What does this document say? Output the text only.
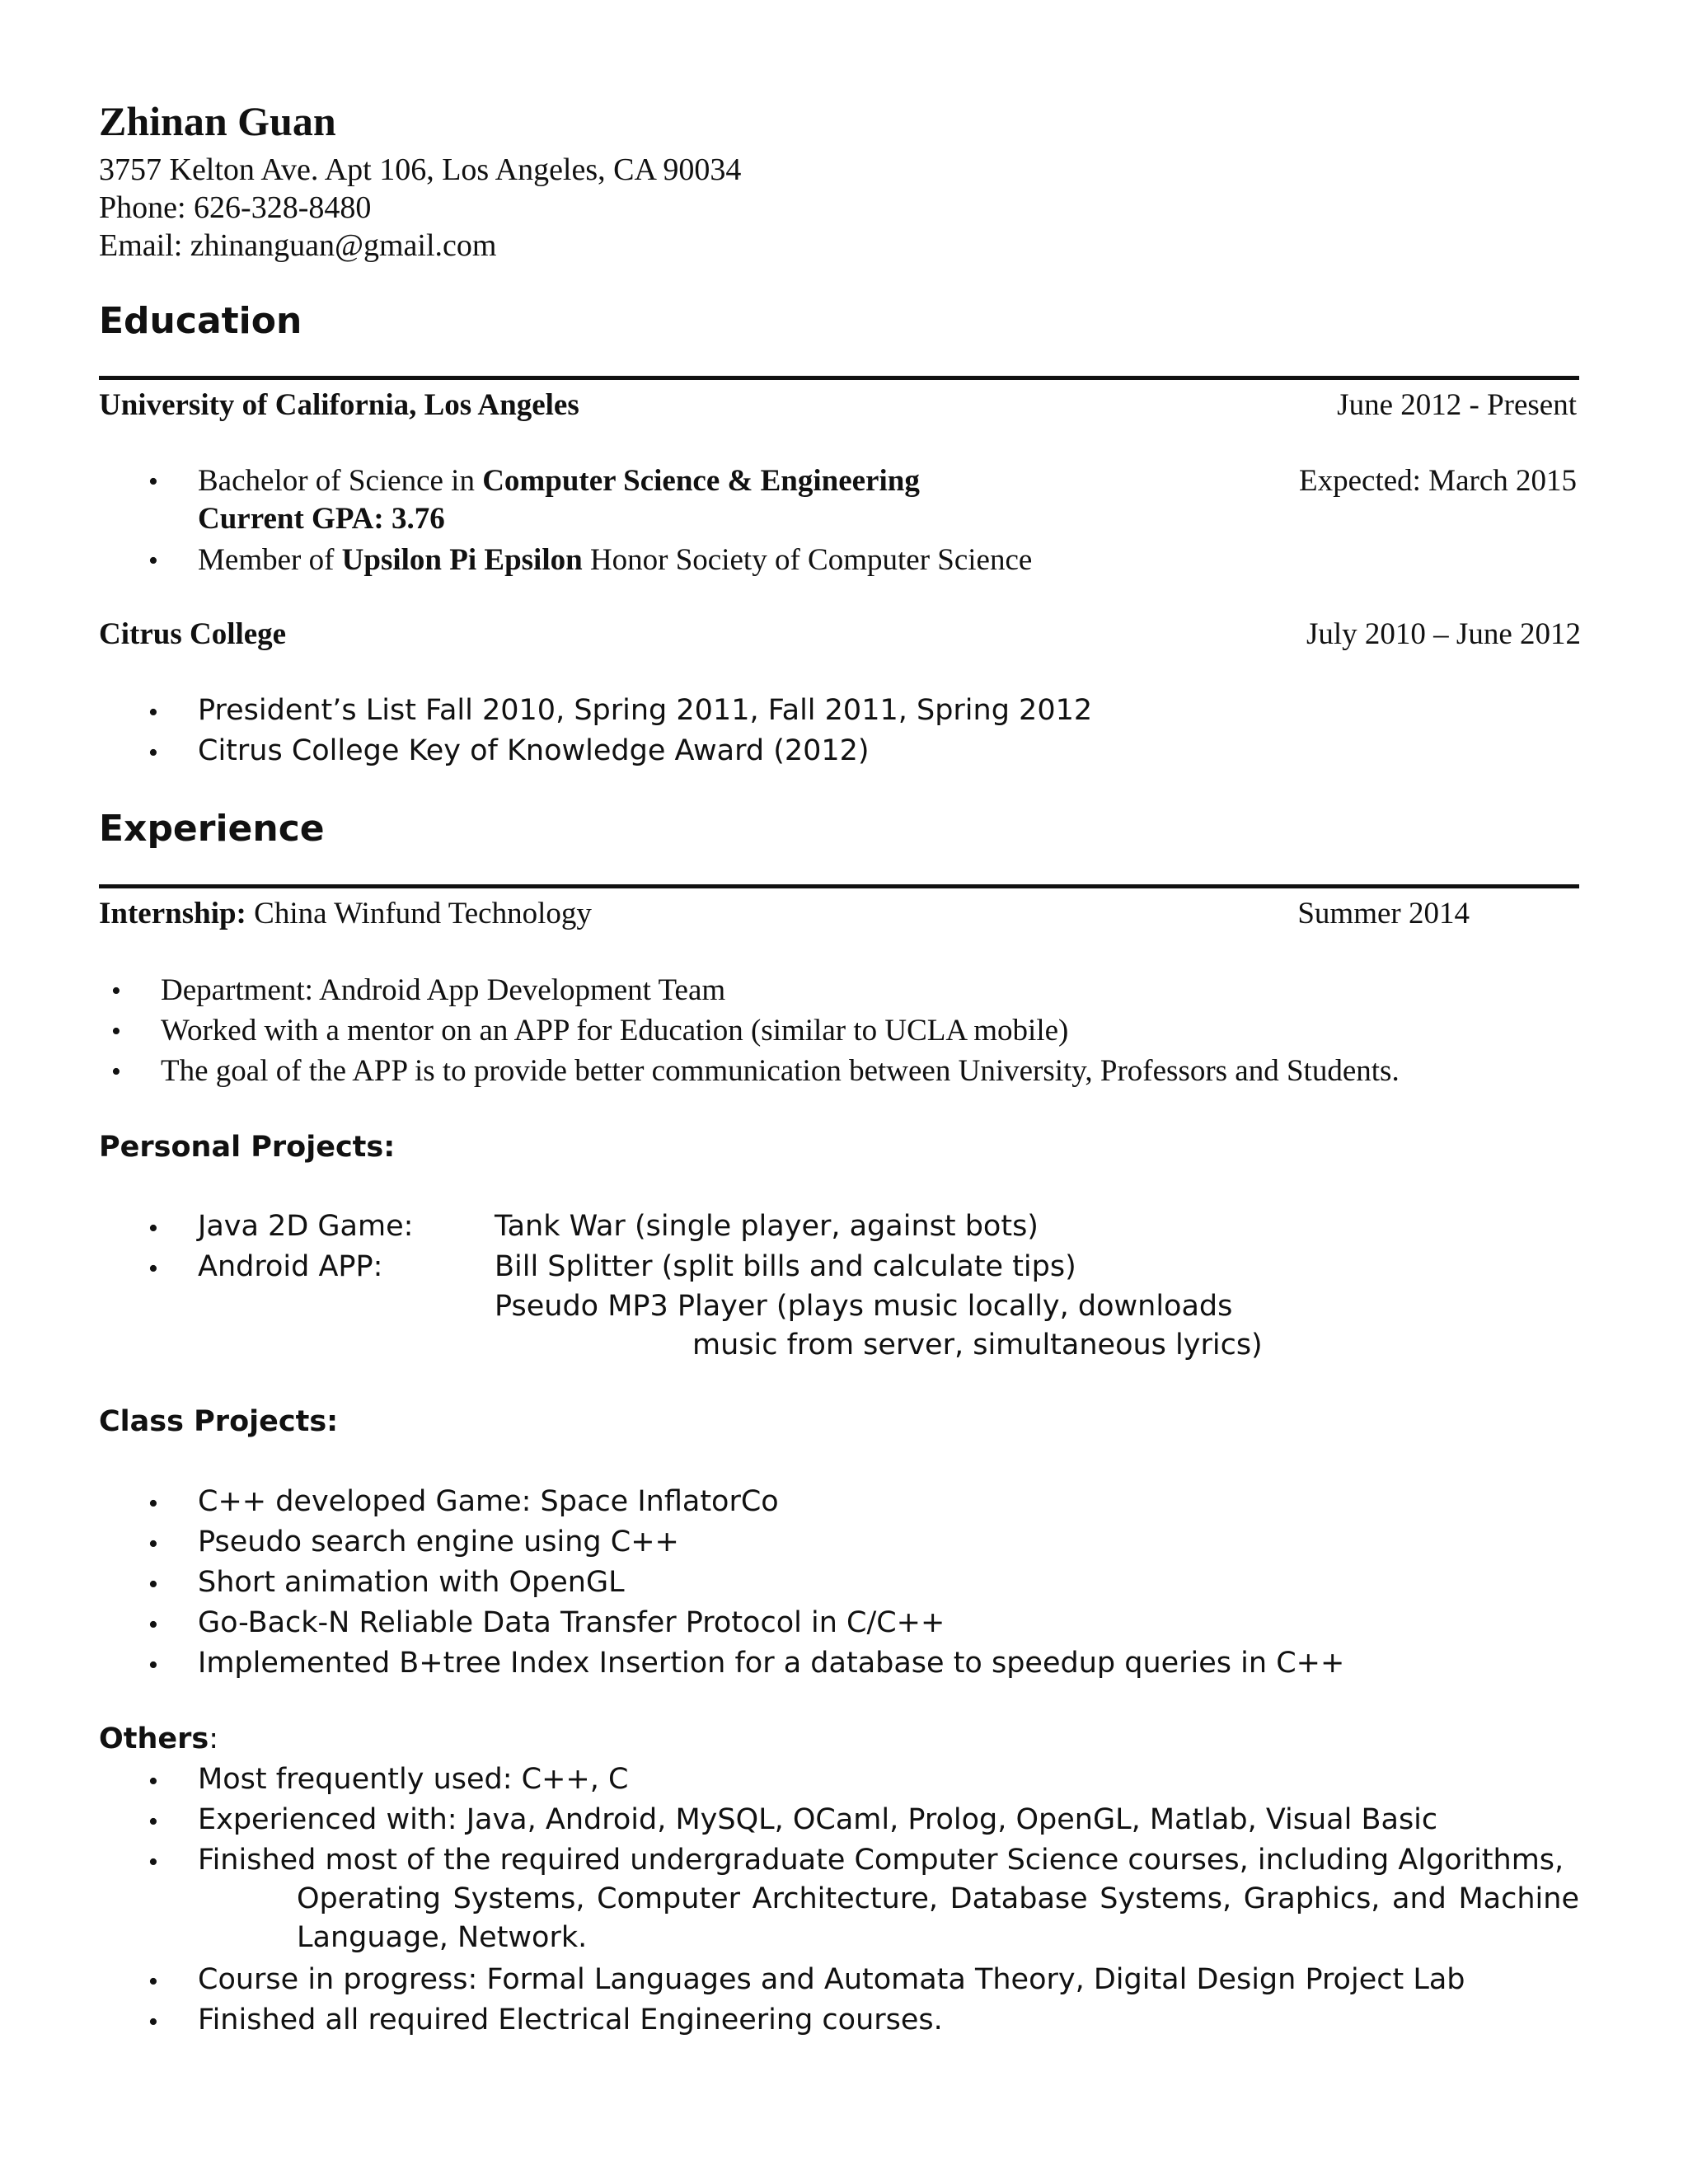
Zhinan Guan
3757 Kelton Ave. Apt 106, Los Angeles, CA 90034
Phone: 626-328-8480
Email: zhinanguan@gmail.com
Education
University of California, Los Angeles	June 2012 - Present
• Bachelor of Science in Computer Science & Engineering	Expected: March 2015
Current GPA: 3.76
• Member of Upsilon Pi Epsilon Honor Society of Computer Science
Citrus College	July 2010 – June 2012
• President’s List Fall 2010, Spring 2011, Fall 2011, Spring 2012
• Citrus College Key of Knowledge Award (2012)
Experience
Internship: China Winfund Technology	Summer 2014
• Department: Android App Development Team
• Worked with a mentor on an APP for Education (similar to UCLA mobile)
• The goal of the APP is to provide better communication between University, Professors and Students.
Personal Projects:
• Java 2D Game:	Tank War (single player, against bots)
• Android APP:	Bill Splitter (split bills and calculate tips)
Pseudo MP3 Player (plays music locally, downloads
music from server, simultaneous lyrics)
Class Projects:
• C++ developed Game: Space InflatorCo
• Pseudo search engine using C++
• Short animation with OpenGL
• Go-Back-N Reliable Data Transfer Protocol in C/C++
• Implemented B+tree Index Insertion for a database to speedup queries in C++
Others:
• Most frequently used: C++, C
• Experienced with: Java, Android, MySQL, OCaml, Prolog, OpenGL, Matlab, Visual Basic
• Finished most of the required undergraduate Computer Science courses, including Algorithms,
Operating Systems, Computer Architecture, Database Systems, Graphics, and Machine
Language, Network.
• Course in progress: Formal Languages and Automata Theory, Digital Design Project Lab
• Finished all required Electrical Engineering courses.
